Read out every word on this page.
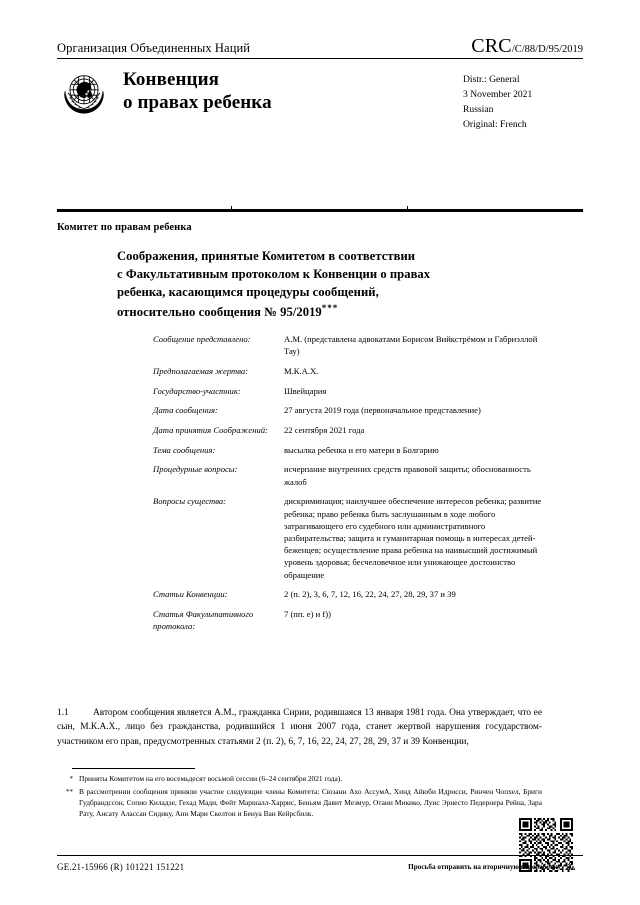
Организация Объединенных Наций	CRC /C/88/D/95/2019
Конвенция
о правах ребенка
Distr.: General
3 November 2021
Russian
Original: French
Комитет по правам ребенка
Соображения, принятые Комитетом в соответствии
с Факультативным протоколом к Конвенции о правах
ребенка, касающимся процедуры сообщений,
относительно сообщения № 95/2019***
Сообщение представлено:	А.М. (представлена адвокатами Борисом Вийкстрёмом и Габриэллой Тау)
Предполагаемая жертва:	М.К.А.Х.
Государство-участник:	Швейцария
Дата сообщения:	27 августа 2019 года (первоначальное представление)
Дата принятия Соображений:	22 сентября 2021 года
Тема сообщения:	высылка ребенка и его матери в Болгарию
Процедурные вопросы:	исчерпание внутренних средств правовой защиты; обоснованность жалоб
Вопросы существа:	дискриминация; наилучшее обеспечение интересов ребенка; развитие ребенка; право ребенка быть заслушанным в ходе любого затрагивающего его судебного или административного разбирательства; защита и гуманитарная помощь в интересах детей-беженцев; осуществление права ребенка на наивысший достижимый уровень здоровья; бесчеловечное или унижающее достоинство обращение
Статьи Конвенции:	2 (п. 2), 3, 6, 7, 12, 16, 22, 24, 27, 28, 29, 37 и 39
Статья Факультативного протокола:
7 (пп. e) и f))
1.1	Автором сообщения является А.М., гражданка Сирии, родившаяся 13 января 1981 года. Она утверждает, что ее сын, М.К.А.Х., лицо без гражданства, родившийся 1 июня 2007 года, станет жертвой нарушения государством-участником его прав, предусмотренных статьями 2 (п. 2), 6, 7, 16, 22, 24, 27, 28, 29, 37 и 39 Конвенции,
* Приняты Комитетом на его восемьдесят восьмой сессии (6–24 сентября 2021 года).
** В рассмотрении сообщения приняли участие следующие члены Комитета: Сюзанн Ахо АссумA, Хинд Айюби Идрисси, Ринчен Чопхел, Бриги Гудбрандссон, Сопио Киладзе, Гехад Мади, Фейт Маршалл-Харрис, Беньям Давит Мезмур, Отани Микико, Луис Эрнесто Педернера Рейна, Зара Рату, Ансату Алассан Сидику, Анн Мари Скелтон и Бенуа Ван Кейрсбилк.
GE.21-15966 (R) 101221 151221	Просьба отправить на вторичную переработку
